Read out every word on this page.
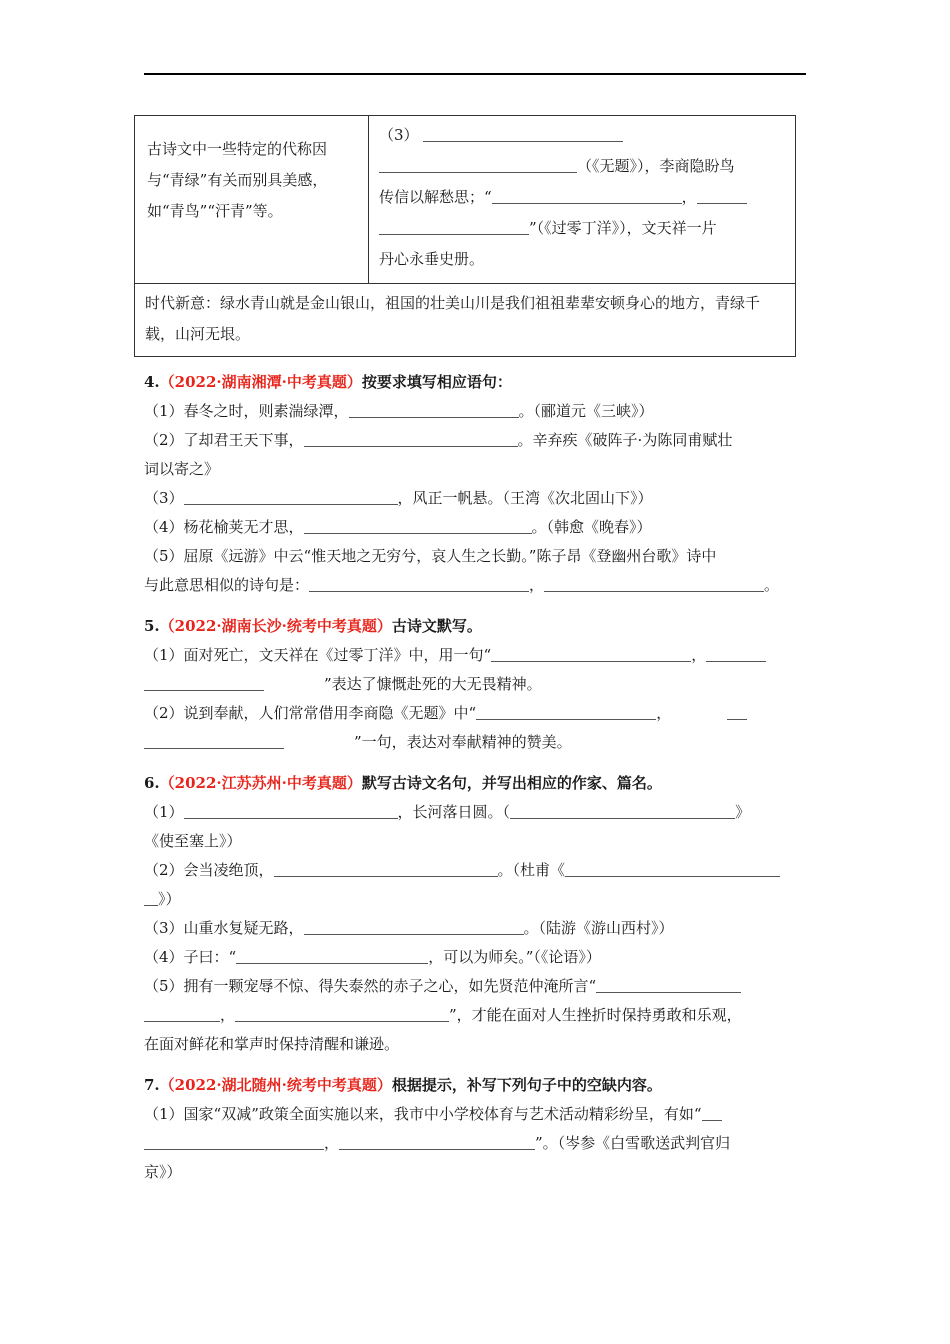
古诗文中一些特定的代称因与“青绿”有关而别具美感，如“青鸟”“汗青”等。
（3）
（《无题》），李商隐盼鸟
传信以解愁思；“	，
”（《过零丁洋》），文天祥一片
丹心永垂史册。
时代新意：绿水青山就是金山银山，祖国的壮美山川是我们祖祖辈辈安顿身心的地方，青绿千载，山河无垠。
4.（2022·湖南湘潭·中考真题）按要求填写相应语句：
（1）春冬之时，则素湍绿潭，	。（郦道元《三峡》）
（2）了却君王天下事，	。辛弃疾《破阵子·为陈同甫赋壮
词以寄之》
（3）	，风正一帆悬。（王湾《次北固山下》）
（4）杨花榆荚无才思，	。（韩愈《晚春》）
（5）屈原《远游》中云“惟天地之无穷兮，哀人生之长勤。”陈子昂《登幽州台歌》诗中
与此意思相似的诗句是：	，	。
5.（2022·湖南长沙·统考中考真题）古诗文默写。
（1）面对死亡，文天祥在《过零丁洋》中，用一句“	，
”表达了慷慨赴死的大无畏精神。
（2）说到奉献，人们常常借用李商隐《无题》中“	，
”一句，表达对奉献精神的赞美。
6.（2022·江苏苏州·中考真题）默写古诗文名句，并写出相应的作家、篇名。
（1）	，长河落日圆。（	》
《使至塞上》）
（2）会当凌绝顶，	。（杜甫《
》）
（3）山重水复疑无路，	。（陆游《游山西村》）
（4）子曰：“	，可以为师矣。”（《论语》）
（5）拥有一颗宠辱不惊、得失泰然的赤子之心，如先贤范仲淹所言“
，	”，才能在面对人生挫折时保持勇敢和乐观，
在面对鲜花和掌声时保持清醒和谦逊。
7.（2022·湖北随州·统考中考真题）根据提示，补写下列句子中的空缺内容。
（1）国家“双减”政策全面实施以来，我市中小学校体育与艺术活动精彩纷呈，有如“
，	”。（岑参《白雪歌送武判官归
京》）
